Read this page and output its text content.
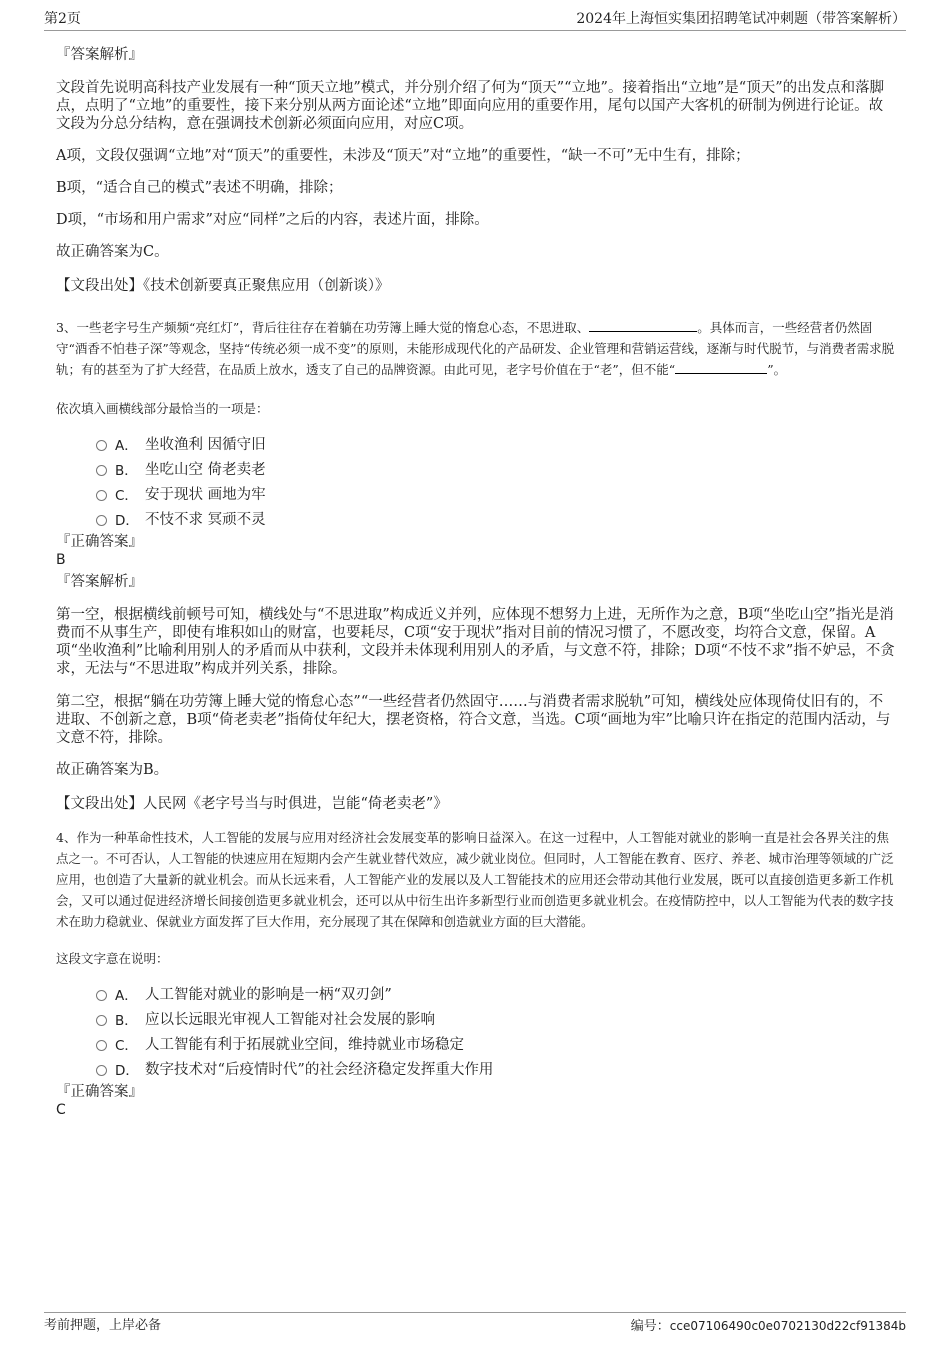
第2页	2024年上海恒实集团招聘笔试冲刺题（带答案解析）

『答案解析』

文段首先说明高科技产业发展有一种“顶天立地”模式，并分别介绍了何为“顶天”“立地”。接着指出“立地”是“顶天”的出发点和落脚点，点明了“立地”的重要性，接下来分别从两方面论述“立地”即面向应用的重要作用，尾句以国产大客机的研制为例进行论证。故文段为分总分结构，意在强调技术创新必须面向应用，对应C项。

A项，文段仅强调“立地”对“顶天”的重要性，未涉及“顶天”对“立地”的重要性，“缺一不可”无中生有，排除；

B项，“适合自己的模式”表述不明确，排除；

D项，“市场和用户需求”对应“同样”之后的内容，表述片面，排除。

故正确答案为C。

【文段出处】《技术创新要真正聚焦应用（创新谈）》

3、一些老字号生产频频“亮红灯”，背后往往存在着躺在功劳簿上睡大觉的惰怠心态，不思进取、	。具体而言，一些经营者仍然固守“酒香不怕巷子深”等观念，坚持“传统必须一成不变”的原则，未能形成现代化的产品研发、企业管理和营销运营线，逐渐与时代脱节，与消费者需求脱轨；有的甚至为了扩大经营，在品质上放水，透支了自己的品牌资源。由此可见，老字号价值在于“老”，但不能“	”。

依次填入画横线部分最恰当的一项是：

A． 坐收渔利 因循守旧
B． 坐吃山空 倚老卖老
C． 安于现状 画地为牢
D． 不忮不求 冥顽不灵

『正确答案』

B

『答案解析』

第一空，根据横线前顿号可知，横线处与“不思进取”构成近义并列，应体现不想努力上进，无所作为之意，B项“坐吃山空”指光是消费而不从事生产，即使有堆积如山的财富，也要耗尽，C项“安于现状”指对目前的情况习惯了，不愿改变，均符合文意，保留。A项“坐收渔利”比喻利用别人的矛盾而从中获利，文段并未体现利用别人的矛盾，与文意不符，排除；D项“不忮不求”指不妒忌，不贪求，无法与“不思进取”构成并列关系，排除。

第二空，根据“躺在功劳簿上睡大觉的惰怠心态”“一些经营者仍然固守……与消费者需求脱轨”可知，横线处应体现倚仗旧有的，不进取、不创新之意，B项“倚老卖老”指倚仗年纪大，摆老资格，符合文意，当选。C项“画地为牢”比喻只许在指定的范围内活动，与文意不符，排除。

故正确答案为B。

【文段出处】人民网《老字号当与时俱进，岂能“倚老卖老”》

4、作为一种革命性技术，人工智能的发展与应用对经济社会发展变革的影响日益深入。在这一过程中，人工智能对就业的影响一直是社会各界关注的焦点之一。不可否认，人工智能的快速应用在短期内会产生就业替代效应，减少就业岗位。但同时，人工智能在教育、医疗、养老、城市治理等领域的广泛应用，也创造了大量新的就业机会。而从长远来看，人工智能产业的发展以及人工智能技术的应用还会带动其他行业发展，既可以直接创造更多新工作机会，又可以通过促进经济增长间接创造更多就业机会，还可以从中衍生出许多新型行业而创造更多就业机会。在疫情防控中，以人工智能为代表的数字技术在助力稳就业、保就业方面发挥了巨大作用，充分展现了其在保障和创造就业方面的巨大潜能。

这段文字意在说明：

A． 人工智能对就业的影响是一柄“双刃剑”
B． 应以长远眼光审视人工智能对社会发展的影响
C． 人工智能有利于拓展就业空间，维持就业市场稳定
D． 数字技术对“后疫情时代”的社会经济稳定发挥重大作用

『正确答案』

C

考前押题，上岸必备	编号：cce07106490c0e0702130d22cf91384b
